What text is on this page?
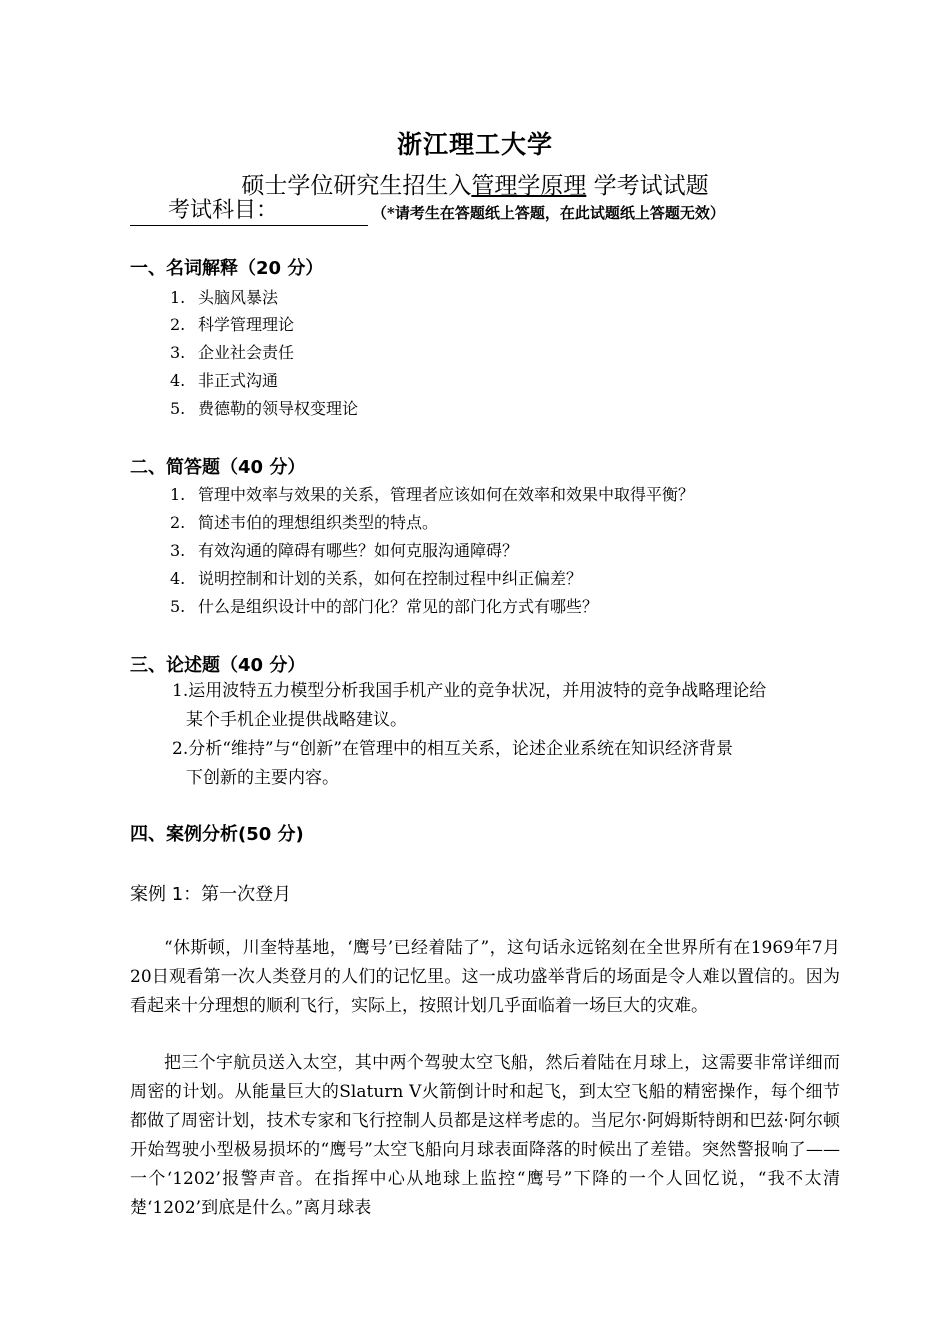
浙江理工大学
硕士学位研究生招生入管理学原理 学考试试题
考试科目：	（*请考生在答题纸上答题，在此试题纸上答题无效）
一、名词解释（20 分）
1. 头脑风暴法
2. 科学管理理论
3. 企业社会责任
4. 非正式沟通
5. 费德勒的领导权变理论
二、简答题（40 分）
1. 管理中效率与效果的关系，管理者应该如何在效率和效果中取得平衡？
2. 简述韦伯的理想组织类型的特点。
3. 有效沟通的障碍有哪些？如何克服沟通障碍？
4. 说明控制和计划的关系，如何在控制过程中纠正偏差？
5. 什么是组织设计中的部门化？常见的部门化方式有哪些？
三、论述题（40 分）
1.运用波特五力模型分析我国手机产业的竞争状况，并用波特的竞争战略理论给
某个手机企业提供战略建议。
2.分析“维持”与“创新”在管理中的相互关系，论述企业系统在知识经济背景
下创新的主要内容。
四、案例分析(50 分)
案例 1：第一次登月
“休斯顿，川奎特基地，‘鹰号’已经着陆了”，这句话永远铭刻在全世界所有在1969年7月20日观看第一次人类登月的人们的记忆里。这一成功盛举背后的场面是令人难以置信的。因为看起来十分理想的顺利飞行，实际上，按照计划几乎面临着一场巨大的灾难。
把三个宇航员送入太空，其中两个驾驶太空飞船，然后着陆在月球上，这需要非常详细而周密的计划。从能量巨大的Slaturn V火箭倒计时和起飞，到太空飞船的精密操作，每个细节都做了周密计划，技术专家和飞行控制人员都是这样考虑的。当尼尔·阿姆斯特朗和巴兹·阿尔顿开始驾驶小型极易损坏的“鹰号”太空飞船向月球表面降落的时候出了差错。突然警报响了——一个‘1202’报警声音。在指挥中心从地球上监控“鹰号”下降的一个人回忆说，“我不太清楚‘1202’到底是什么。”离月球表
